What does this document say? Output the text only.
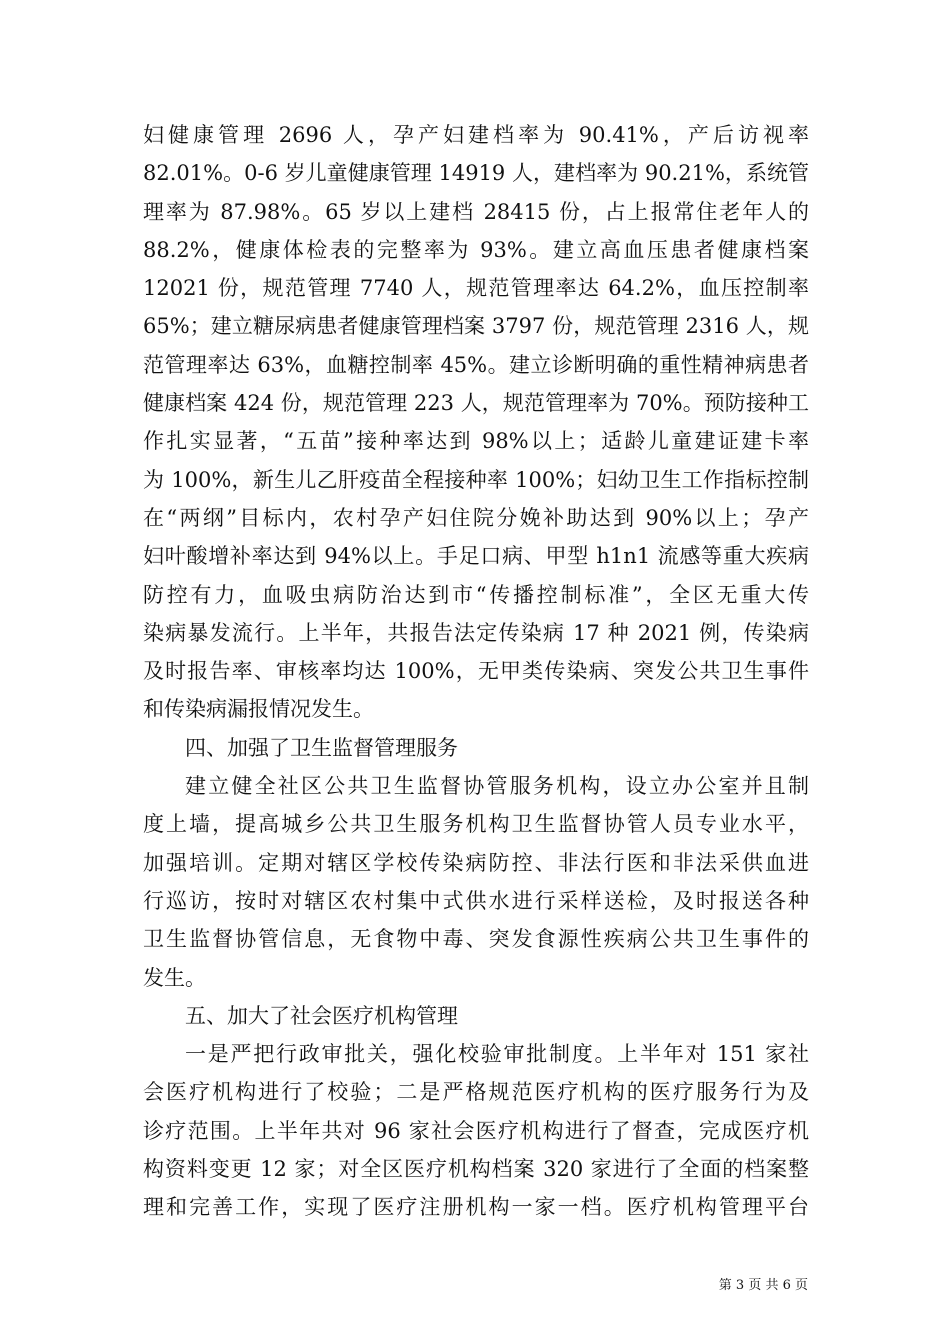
妇健康管理 2696 人，孕产妇建档率为 90.41%，产后访视率
82.01%。0-6 岁儿童健康管理 14919 人，建档率为 90.21%，系统管
理率为 87.98%。65 岁以上建档 28415 份，占上报常住老年人的
88.2%，健康体检表的完整率为 93%。建立高血压患者健康档案
12021 份，规范管理 7740 人，规范管理率达 64.2%，血压控制率
65%；建立糖尿病患者健康管理档案 3797 份，规范管理 2316 人，规
范管理率达 63%，血糖控制率 45%。建立诊断明确的重性精神病患者
健康档案 424 份，规范管理 223 人，规范管理率为 70%。预防接种工
作扎实显著，“五苗”接种率达到 98%以上；适龄儿童建证建卡率
为 100%，新生儿乙肝疫苗全程接种率 100%；妇幼卫生工作指标控制
在“两纲”目标内，农村孕产妇住院分娩补助达到 90%以上；孕产
妇叶酸增补率达到 94%以上。手足口病、甲型 h1n1 流感等重大疾病
防控有力，血吸虫病防治达到市“传播控制标准”，全区无重大传
染病暴发流行。上半年，共报告法定传染病 17 种 2021 例，传染病
及时报告率、审核率均达 100%，无甲类传染病、突发公共卫生事件
和传染病漏报情况发生。

四、加强了卫生监督管理服务

建立健全社区公共卫生监督协管服务机构，设立办公室并且制
度上墙，提高城乡公共卫生服务机构卫生监督协管人员专业水平，
加强培训。定期对辖区学校传染病防控、非法行医和非法采供血进
行巡访，按时对辖区农村集中式供水进行采样送检，及时报送各种
卫生监督协管信息，无食物中毒、突发食源性疾病公共卫生事件的
发生。

五、加大了社会医疗机构管理

一是严把行政审批关，强化校验审批制度。上半年对 151 家社
会医疗机构进行了校验；二是严格规范医疗机构的医疗服务行为及
诊疗范围。上半年共对 96 家社会医疗机构进行了督查，完成医疗机
构资料变更 12 家；对全区医疗机构档案 320 家进行了全面的档案整
理和完善工作，实现了医疗注册机构一家一档。医疗机构管理平台

第 3 页 共 6 页
